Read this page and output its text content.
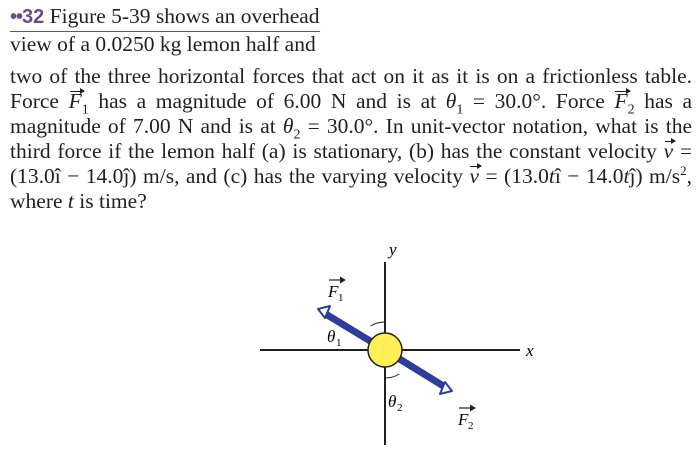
••32 Figure 5-39 shows an overhead

view of a 0.0250 kg lemon half and

two of the three horizontal forces that act on it as it is on a frictionless table. Force $F_1$ has a magnitude of 6.00 N and is at $\theta_1 = 30.0^\circ$. Force $F_2$ has a magnitude of 7.00 N and is at $\theta_2 = 30.0^\circ$. In unit-vector notation, what is the third force if the lemon half (a) is stationary, (b) has the constant velocity v = (13.0î − 14.0ĵ) m/s, and (c) has the varying velocity v = (13.0tî − 14.0tĵ) $m/s^2$, where t is time?

x
y
F 1
θ 1
θ 2
F 2
